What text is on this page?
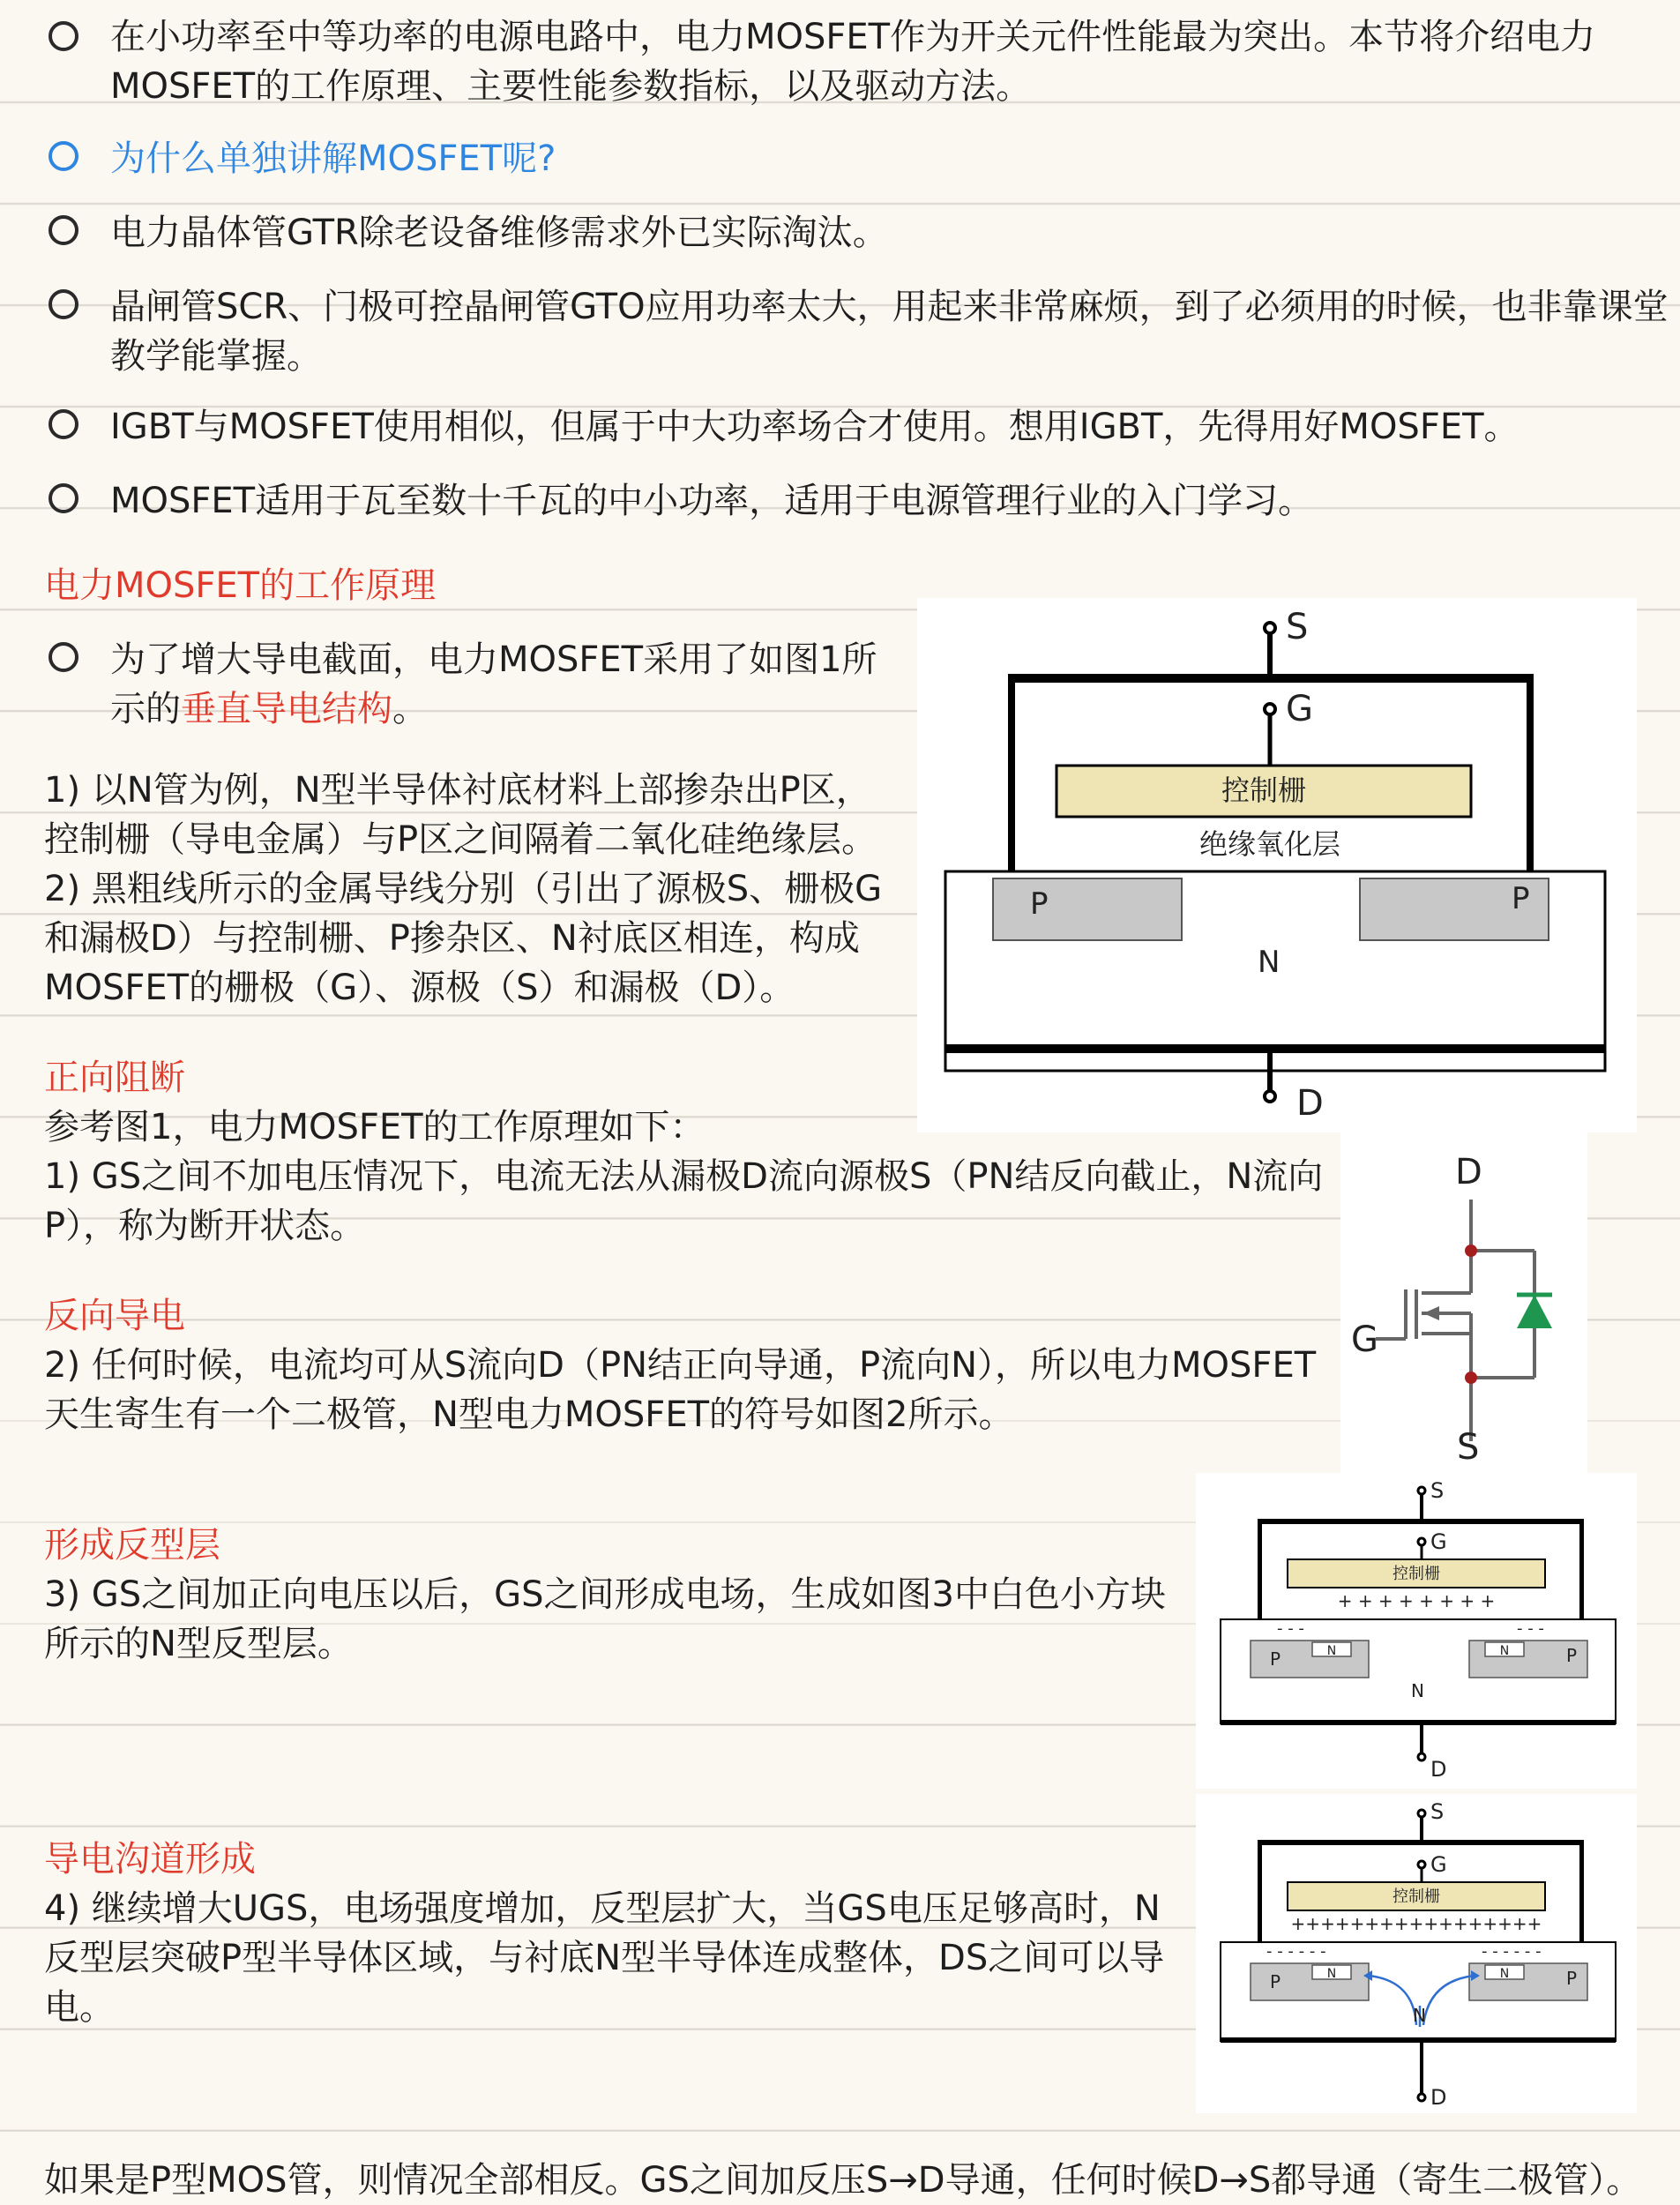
在小功率至中等功率的电源电路中，电力MOSFET作为开关元件性能最为突出。本节将介绍电力

MOSFET的工作原理、主要性能参数指标，以及驱动方法。

为什么单独讲解MOSFET呢?

电力晶体管GTR除老设备维修需求外已实际淘汰。

晶闸管SCR、门极可控晶闸管GTO应用功率太大，用起来非常麻烦，到了必须用的时候，也非靠课堂

教学能掌握。

IGBT与MOSFET使用相似，但属于中大功率场合才使用。想用IGBT，先得用好MOSFET。

MOSFET适用于瓦至数十千瓦的中小功率，适用于电源管理行业的入门学习。

电力MOSFET的工作原理

为了增大导电截面，电力MOSFET采用了如图1所

示的垂直导电结构。

1) 以N管为例，N型半导体衬底材料上部掺杂出P区，

控制栅（导电金属）与P区之间隔着二氧化硅绝缘层。

2) 黑粗线所示的金属导线分别（引出了源极S、栅极G

和漏极D）与控制栅、P掺杂区、N衬底区相连，构成

MOSFET的栅极（G）、源极（S）和漏极（D）。

正向阻断

参考图1，电力MOSFET的工作原理如下：

1) GS之间不加电压情况下，电流无法从漏极D流向源极S（PN结反向截止，N流向

P），称为断开状态。

反向导电

2) 任何时候，电流均可从S流向D（PN结正向导通，P流向N），所以电力MOSFET

天生寄生有一个二极管，N型电力MOSFET的符号如图2所示。

形成反型层

3) GS之间加正向电压以后，GS之间形成电场，生成如图3中白色小方块

所示的N型反型层。

导电沟道形成

4) 继续增大UGS，电场强度增加，反型层扩大，当GS电压足够高时，N

反型层突破P型半导体区域，与衬底N型半导体连成整体，DS之间可以导

电。

如果是P型MOS管，则情况全部相反。GS之间加反压S→D导通，任何时候D→S都导通（寄生二极管）。

S
G
控制栅
绝缘氧化层
P	P
N
D
D
G
S
S
G
控制栅
+ + + + + + + +
- - -	- - -
N	N
P	P
N
D
S
G
控制栅
+++++++++++++++++
- - - - - -	- - - - - -
N	N
P	P
N
D
